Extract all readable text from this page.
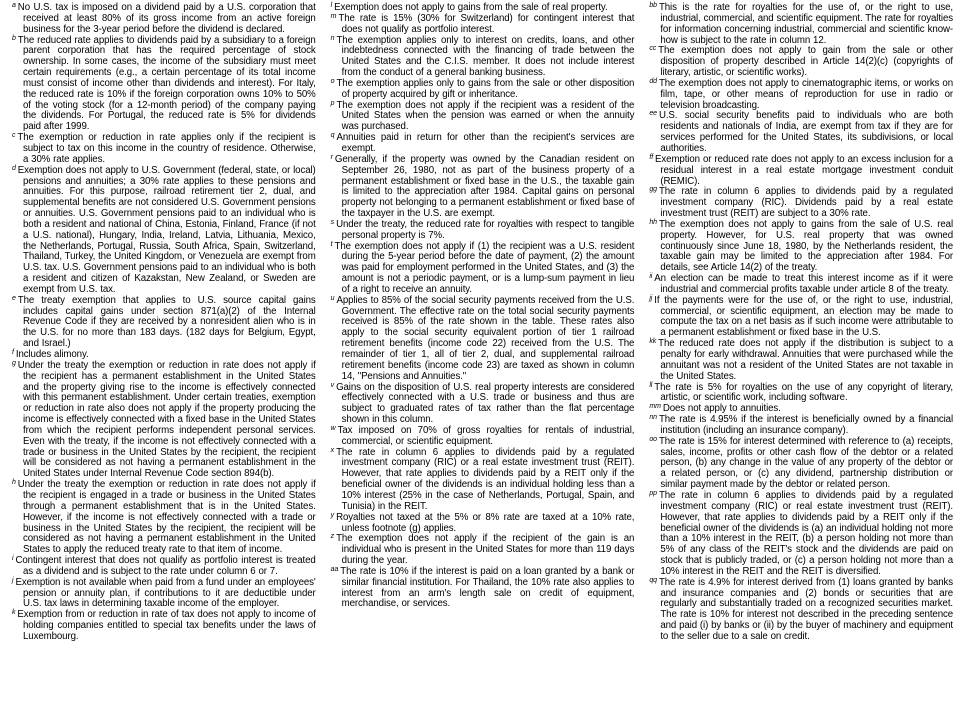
$^a$ No U.S. tax is imposed on a dividend paid by a U.S. corporation that received at least 80% of its gross income from an active foreign business for the 3-year period before the dividend is declared.

$^b$ The reduced rate applies to dividends paid by a subsidiary to a foreign parent corporation that has the required percentage of stock ownership. In some cases, the income of the subsidiary must meet certain requirements (e.g., a certain percentage of its total income must consist of income other than dividends and interest). For Italy, the reduced rate is 10% if the foreign corporation owns 10% to 50% of the voting stock (for a 12-month period) of the company paying the dividends. For Portugal, the reduced rate is 5% for dividends paid after 1999.

$^c$ The exemption or reduction in rate applies only if the recipient is subject to tax on this income in the country of residence. Otherwise, a 30% rate applies.

$^d$ Exemption does not apply to U.S. Government (federal, state, or local) pensions and annuities; a 30% rate applies to these pensions and annuities. For this purpose, railroad retirement tier 2, dual, and supplemental benefits are not considered U.S. Government pensions or annuities. U.S. Government pensions paid to an individual who is both a resident and national of China, Estonia, Finland, France (if not a U.S. national), Hungary, India, Ireland, Latvia, Lithuania, Mexico, the Netherlands, Portugal, Russia, South Africa, Spain, Switzerland, Thailand, Turkey, the United Kingdom, or Venezuela are exempt from U.S. tax. U.S. Government pensions paid to an individual who is both a resident and citizen of Kazakstan, New Zealand, or Sweden are exempt from U.S. tax.

$^e$ The treaty exemption that applies to U.S. source capital gains includes capital gains under section 871(a)(2) of the Internal Revenue Code if they are received by a nonresident alien who is in the U.S. for no more than 183 days. (182 days for Belgium, Egypt, and Israel.)

$^f$ Includes alimony.

$^g$ Under the treaty the exemption or reduction in rate does not apply if the recipient has a permanent establishment in the United States and the property giving rise to the income is effectively connected with this permanent establishment. Under certain treaties, exemption or reduction in rate also does not apply if the property producing the income is effectively connected with a fixed base in the United States from which the recipient performs independent personal services. Even with the treaty, if the income is not effectively connected with a trade or business in the United States by the recipient, the recipient will be considered as not having a permanent establishment in the United States under Internal Revenue Code section 894(b).

$^h$ Under the treaty the exemption or reduction in rate does not apply if the recipient is engaged in a trade or business in the United States through a permanent establishment that is in the United States. However, if the income is not effectively connected with a trade or business in the United States by the recipient, the recipient will be considered as not having a permanent establishment in the United States to apply the reduced treaty rate to that item of income.

$^i$ Contingent interest that does not qualify as portfolio interest is treated as a dividend and is subject to the rate under column 6 or 7.

$^j$ Exemption is not available when paid from a fund under an employees' pension or annuity plan, if contributions to it are deductible under U.S. tax laws in determining taxable income of the employer.

$^k$ Exemption from or reduction in rate of tax does not apply to income of holding companies entitled to special tax benefits under the laws of Luxembourg.

$^l$ Exemption does not apply to gains from the sale of real property.

$^m$ The rate is 15% (30% for Switzerland) for contingent interest that does not qualify as portfolio interest.

$^n$ The exemption applies only to interest on credits, loans, and other indebtedness connected with the financing of trade between the United States and the C.I.S. member. It does not include interest from the conduct of a general banking business.

$^o$ The exemption applies only to gains from the sale or other disposition of property acquired by gift or inheritance.

$^p$ The exemption does not apply if the recipient was a resident of the United States when the pension was earned or when the annuity was purchased.

$^q$ Annuities paid in return for other than the recipient's services are exempt.

$^r$ Generally, if the property was owned by the Canadian resident on September 26, 1980, not as part of the business property of a permanent establishment or fixed base in the U.S., the taxable gain is limited to the appreciation after 1984. Capital gains on personal property not belonging to a permanent establishment or fixed base of the taxpayer in the U.S. are exempt.

$^s$ Under the treaty, the reduced rate for royalties with respect to tangible personal property is 7%.

$^t$ The exemption does not apply if (1) the recipient was a U.S. resident during the 5-year period before the date of payment, (2) the amount was paid for employment performed in the United States, and (3) the amount is not a periodic payment, or is a lump-sum payment in lieu of a right to receive an annuity.

$^u$ Applies to 85% of the social security payments received from the U.S. Government. The effective rate on the total social security payments received is 85% of the rate shown in the table. These rates also apply to the social security equivalent portion of tier 1 railroad retirement benefits (income code 22) received from the U.S. The remainder of tier 1, all of tier 2, dual, and supplemental railroad retirement benefits (income code 23) are taxed as shown in column 14, "Pensions and Annuities."

$^v$ Gains on the disposition of U.S. real property interests are considered effectively connected with a U.S. trade or business and thus are subject to graduated rates of tax rather than the flat percentage shown in this column.

$^w$ Tax imposed on 70% of gross royalties for rentals of industrial, commercial, or scientific equipment.

$^x$ The rate in column 6 applies to dividends paid by a regulated investment company (RIC) or a real estate investment trust (REIT). However, that rate applies to dividends paid by a REIT only if the beneficial owner of the dividends is an individual holding less than a 10% interest (25% in the case of Netherlands, Portugal, Spain, and Tunisia) in the REIT.

$^y$ Royalties not taxed at the 5% or 8% rate are taxed at a 10% rate, unless footnote (g) applies.

$^z$ The exemption does not apply if the recipient of the gain is an individual who is present in the United States for more than 119 days during the year.

$^{aa}$ The rate is 10% if the interest is paid on a loan granted by a bank or similar financial institution. For Thailand, the 10% rate also applies to interest from an arm's length sale on credit of equipment, merchandise, or services.

$^{bb}$ This is the rate for royalties for the use of, or the right to use, industrial, commercial, and scientific equipment. The rate for royalties for information concerning industrial, commercial and scientific know-how is subject to the rate in column 12.

$^{cc}$ The exemption does not apply to gain from the sale or other disposition of property described in Article 14(2)(c) (copyrights of literary, artistic, or scientific works).

$^{dd}$ The exemption does not apply to cinematographic items, or works on film, tape, or other means of reproduction for use in radio or television broadcasting.

$^{ee}$ U.S. social security benefits paid to individuals who are both residents and nationals of India, are exempt from tax if they are for services performed for the United States, its subdivisions, or local authorities.

$^{ff}$ Exemption or reduced rate does not apply to an excess inclusion for a residual interest in a real estate mortgage investment conduit (REMIC).

$^{gg}$ The rate in column 6 applies to dividends paid by a regulated investment company (RIC). Dividends paid by a real estate investment trust (REIT) are subject to a 30% rate.

$^{hh}$ The exemption does not apply to gains from the sale of U.S. real property. However, for U.S. real property that was owned continuously since June 18, 1980, by the Netherlands resident, the taxable gain may be limited to the appreciation after 1984. For details, see Article 14(2) of the treaty.

$^{ii}$ An election can be made to treat this interest income as if it were industrial and commercial profits taxable under article 8 of the treaty.

$^{jj}$ If the payments were for the use of, or the right to use, industrial, commercial, or scientific equipment, an election may be made to compute the tax on a net basis as if such income were attributable to a permanent establishment or fixed base in the U.S.

$^{kk}$ The reduced rate does not apply if the distribution is subject to a penalty for early withdrawal. Annuities that were purchased while the annuitant was not a resident of the United States are not taxable in the United States.

$^{ll}$ The rate is 5% for royalties on the use of any copyright of literary, artistic, or scientific work, including software.

$^{mm}$ Does not apply to annuities.

$^{nn}$ The rate is 4.95% if the interest is beneficially owned by a financial institution (including an insurance company).

$^{oo}$ The rate is 15% for interest determined with reference to (a) receipts, sales, income, profits or other cash flow of the debtor or a related person, (b) any change in the value of any property of the debtor or a related person, or (c) any dividend, partnership distribution or similar payment made by the debtor or related person.

$^{pp}$ The rate in column 6 applies to dividends paid by a regulated investment company (RIC) or real estate investment trust (REIT). However, that rate applies to dividends paid by a REIT only if the beneficial owner of the dividends is (a) an individual holding not more than a 10% interest in the REIT, (b) a person holding not more than 5% of any class of the REIT's stock and the dividends are paid on stock that is publicly traded, or (c) a person holding not more than a 10% interest in the REIT and the REIT is diversified.

$^{qq}$ The rate is 4.9% for interest derived from (1) loans granted by banks and insurance companies and (2) bonds or securities that are regularly and substantially traded on a recognized securities market. The rate is 10% for interest not described in the preceding sentence and paid (i) by banks or (ii) by the buyer of machinery and equipment to the seller due to a sale on credit.
